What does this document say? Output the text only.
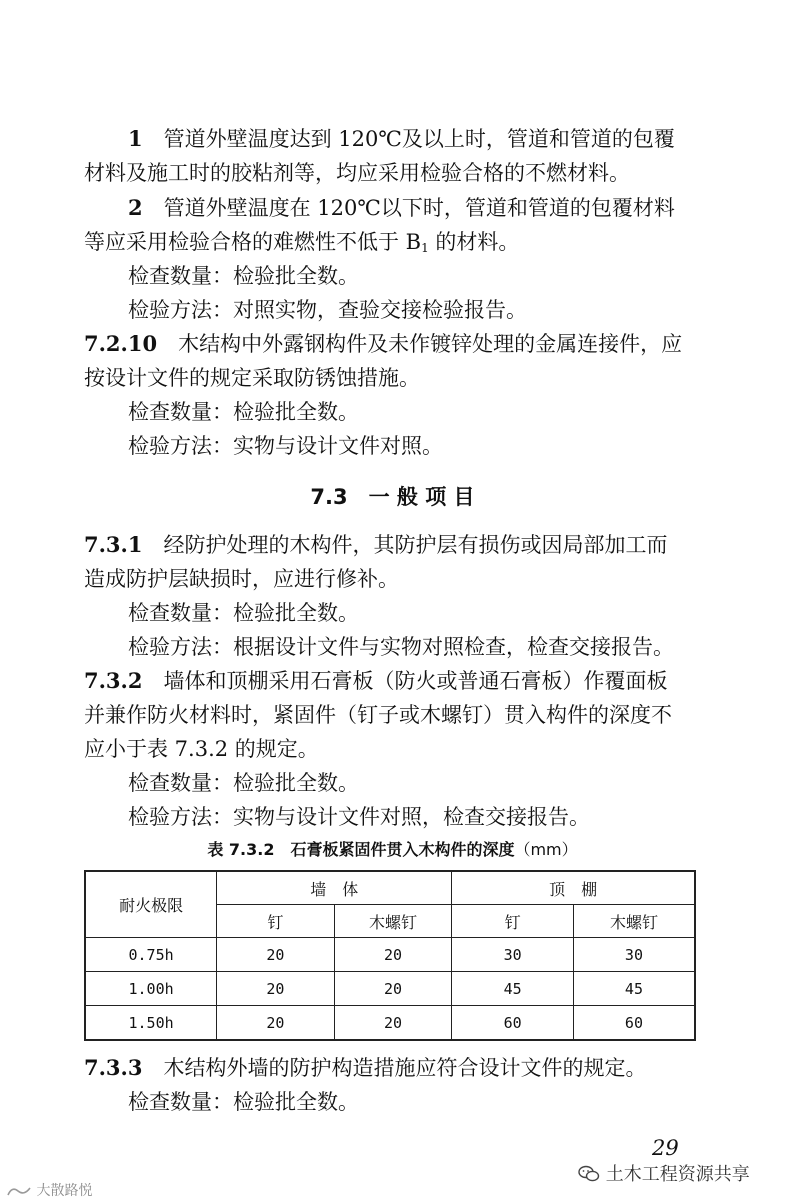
1　 管道外壁温度达到 120℃及以上时，管道和管道的包覆
材料及施工时的胶粘剂等，均应采用检验合格的不燃材料。
2　 管道外壁温度在 120℃以下时，管道和管道的包覆材料
等应采用检验合格的难燃性不低于 $B_1$ 的材料。
检查数量：检验批全数。
检验方法：对照实物，查验交接检验报告。
7.2.10　 木结构中外露钢构件及未作镀锌处理的金属连接件，应
按设计文件的规定采取防锈蚀措施。
检查数量：检验批全数。
检验方法：实物与设计文件对照。
7.3　一 般 项 目
7.3.1　 经防护处理的木构件，其防护层有损伤或因局部加工而
造成防护层缺损时，应进行修补。
检查数量：检验批全数。
检验方法：根据设计文件与实物对照检查，检查交接报告。
7.3.2　 墙体和顶棚采用石膏板（防火或普通石膏板）作覆面板
并兼作防火材料时，紧固件（钉子或木螺钉）贯入构件的深度不
应小于表 7.3.2 的规定。
检查数量：检验批全数。
检验方法：实物与设计文件对照，检查交接报告。
表 7.3.2　石膏板紧固件贯入木构件的深度（mm）
耐火极限	墙　体		顶　棚	
	钉	木螺钉	钉	木螺钉
0.75h	20	20	30	30
1.00h	20	20	45	45
1.50h	20	20	60	60
7.3.3　 木结构外墙的防护构造措施应符合设计文件的规定。
检查数量：检验批全数。
29
土木工程资源共享
大散路悦
